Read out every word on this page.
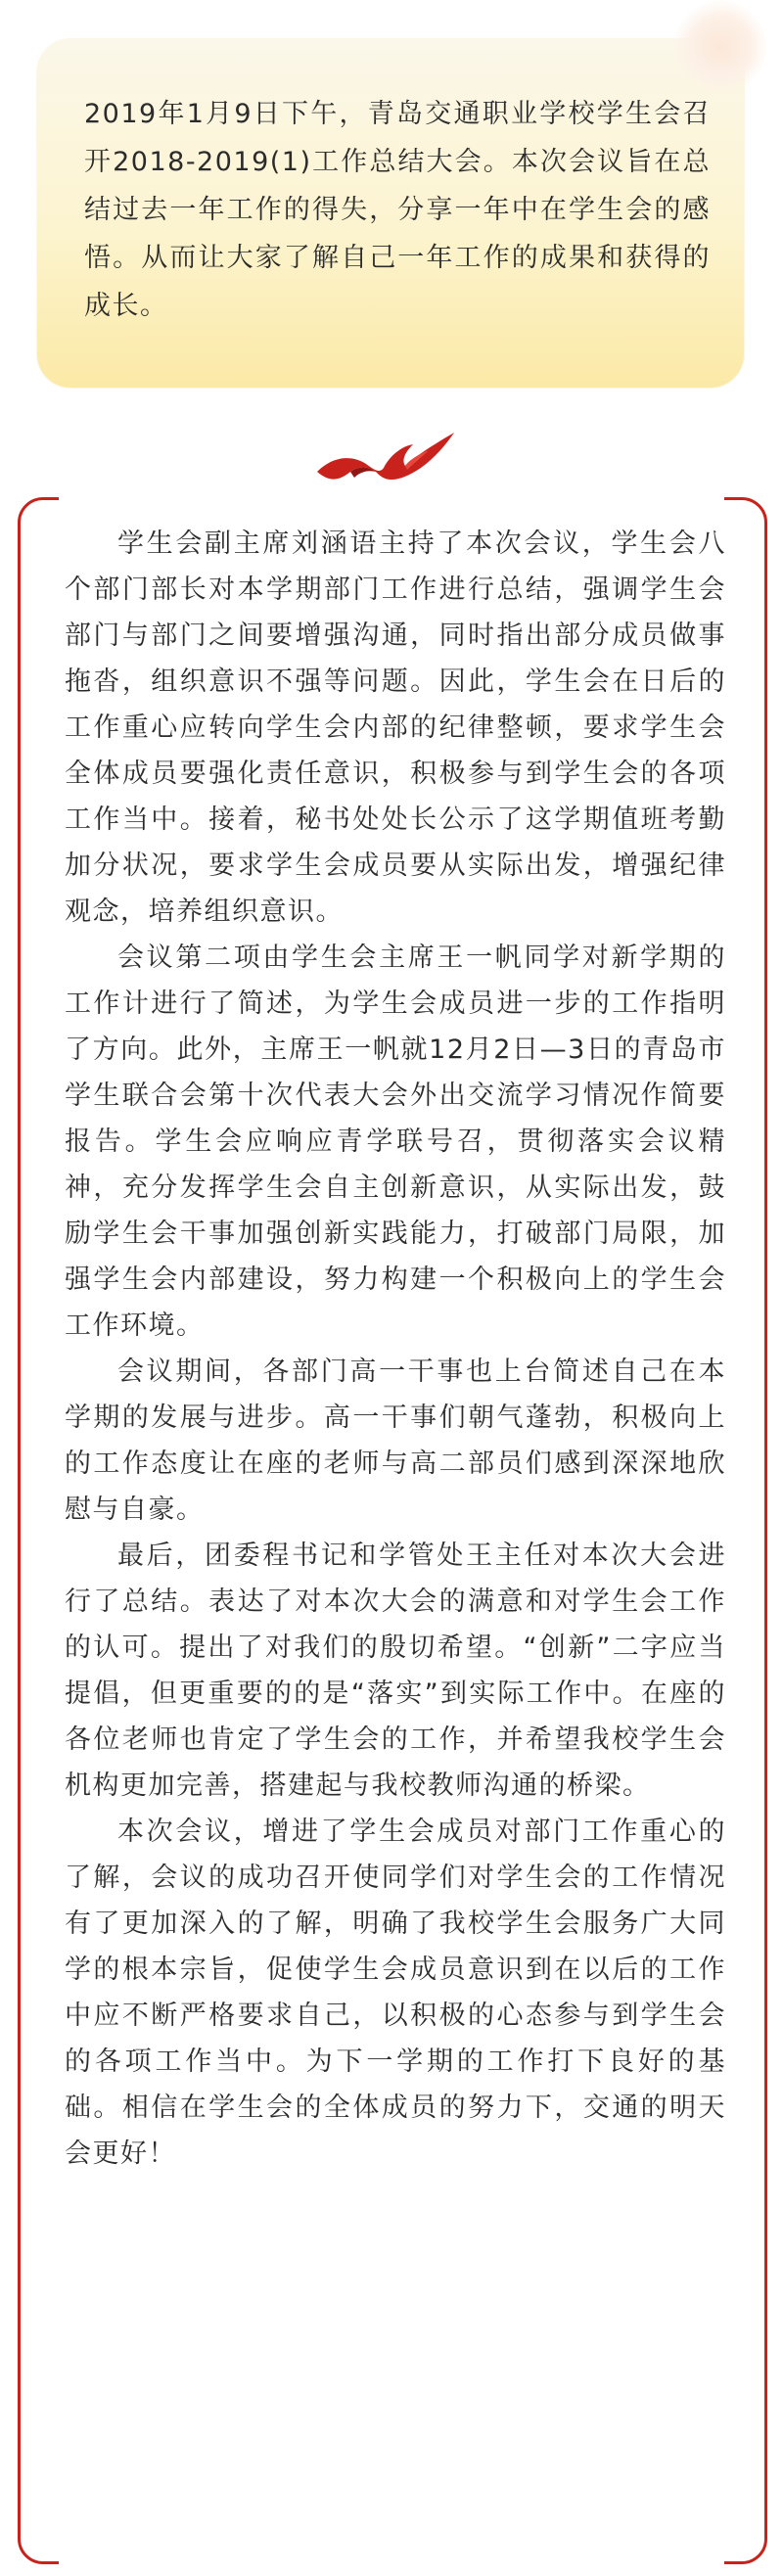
2019年1月9日下午，青岛交通职业学校学生会召开2018-2019(1)工作总结大会。本次会议旨在总结过去一年工作的得失，分享一年中在学生会的感悟。从而让大家了解自己一年工作的成果和获得的成长。

学生会副主席刘涵语主持了本次会议，学生会八个部门部长对本学期部门工作进行总结，强调学生会部门与部门之间要增强沟通，同时指出部分成员做事拖沓，组织意识不强等问题。因此，学生会在日后的工作重心应转向学生会内部的纪律整顿，要求学生会全体成员要强化责任意识，积极参与到学生会的各项工作当中。接着，秘书处处长公示了这学期值班考勤加分状况，要求学生会成员要从实际出发，增强纪律观念，培养组织意识。

会议第二项由学生会主席王一帆同学对新学期的工作计进行了简述，为学生会成员进一步的工作指明了方向。此外，主席王一帆就12月2日—3日的青岛市学生联合会第十次代表大会外出交流学习情况作简要报告。学生会应响应青学联号召，贯彻落实会议精神，充分发挥学生会自主创新意识，从实际出发，鼓励学生会干事加强创新实践能力，打破部门局限，加强学生会内部建设，努力构建一个积极向上的学生会工作环境。

会议期间，各部门高一干事也上台简述自己在本学期的发展与进步。高一干事们朝气蓬勃，积极向上的工作态度让在座的老师与高二部员们感到深深地欣慰与自豪。

最后，团委程书记和学管处王主任对本次大会进行了总结。表达了对本次大会的满意和对学生会工作的认可。提出了对我们的殷切希望。“创新”二字应当提倡，但更重要的的是“落实”到实际工作中。在座的各位老师也肯定了学生会的工作，并希望我校学生会机构更加完善，搭建起与我校教师沟通的桥梁。

本次会议，增进了学生会成员对部门工作重心的了解，会议的成功召开使同学们对学生会的工作情况有了更加深入的了解，明确了我校学生会服务广大同学的根本宗旨，促使学生会成员意识到在以后的工作中应不断严格要求自己，以积极的心态参与到学生会的各项工作当中。为下一学期的工作打下良好的基础。相信在学生会的全体成员的努力下，交通的明天会更好！
